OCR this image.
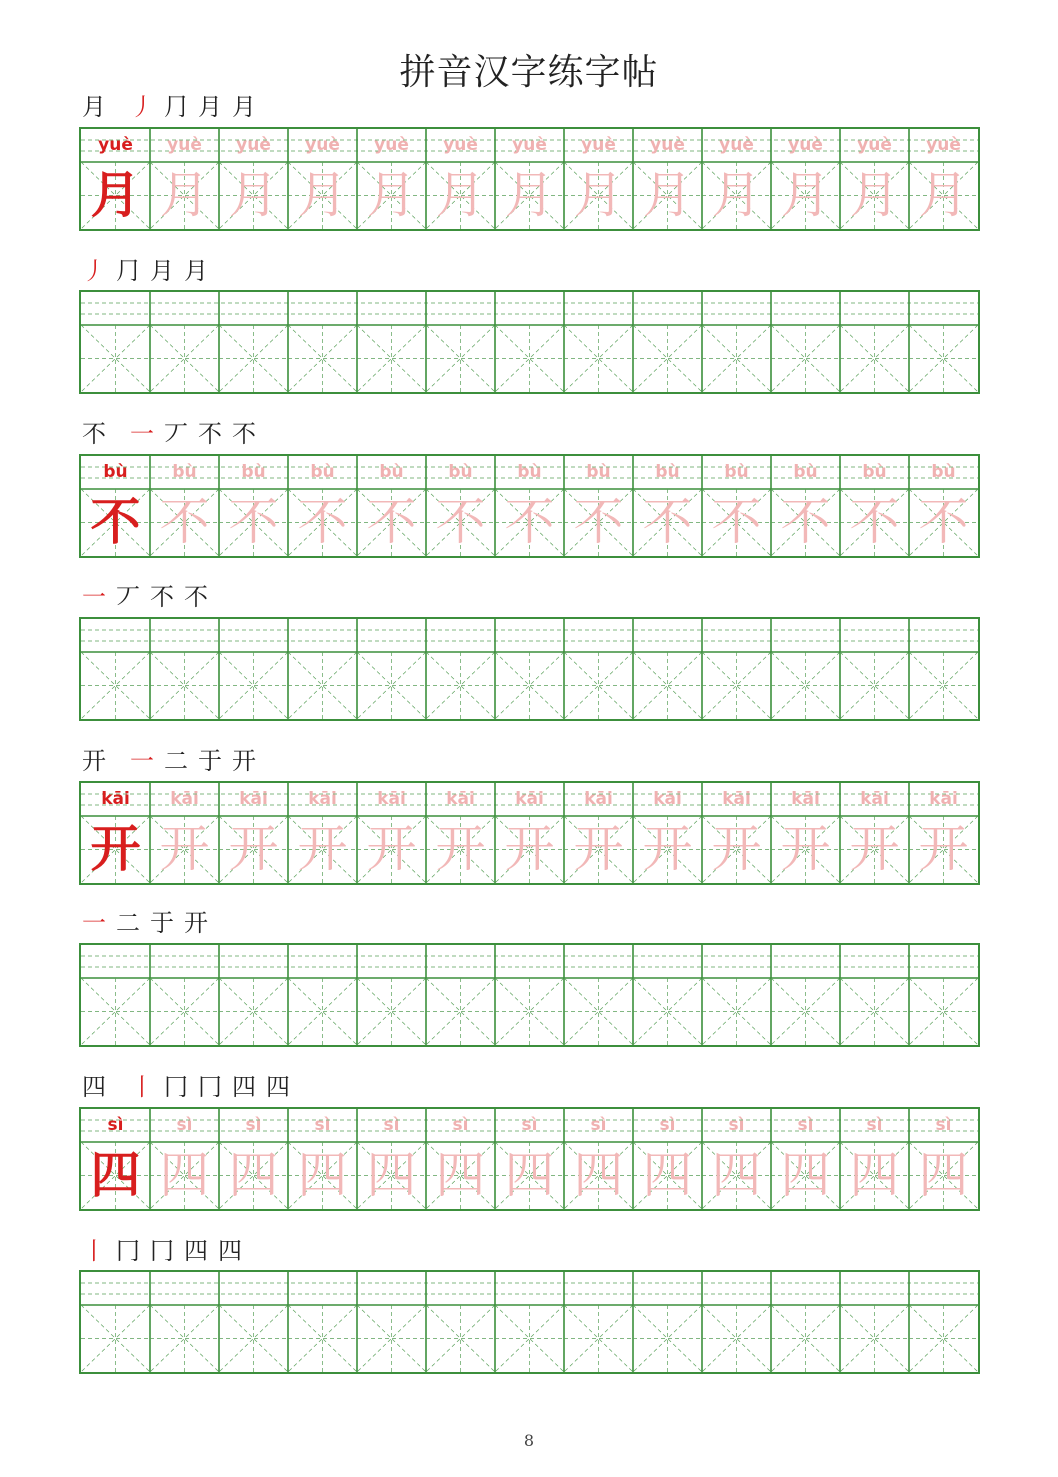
拼音汉字练字帖
月 丿 ⺆ 月 月
yuè
月
yuè
月
yuè
月
yuè
月
yuè
月
yuè
月
yuè
月
yuè
月
yuè
月
yuè
月
yuè
月
yuè
月
yuè
月
丿 ⺆ 月 月
不 一 丆 不 不
bù
不
bù
不
bù
不
bù
不
bù
不
bù
不
bù
不
bù
不
bù
不
bù
不
bù
不
bù
不
bù
不
一 丆 不 不
开 一 二 于 开
kāi
开
kāi
开
kāi
开
kāi
开
kāi
开
kāi
开
kāi
开
kāi
开
kāi
开
kāi
开
kāi
开
kāi
开
kāi
开
一 二 于 开
四 丨 冂 冂 四 四
sì
四
sì
四
sì
四
sì
四
sì
四
sì
四
sì
四
sì
四
sì
四
sì
四
sì
四
sì
四
sì
四
丨 冂 冂 四 四
8
